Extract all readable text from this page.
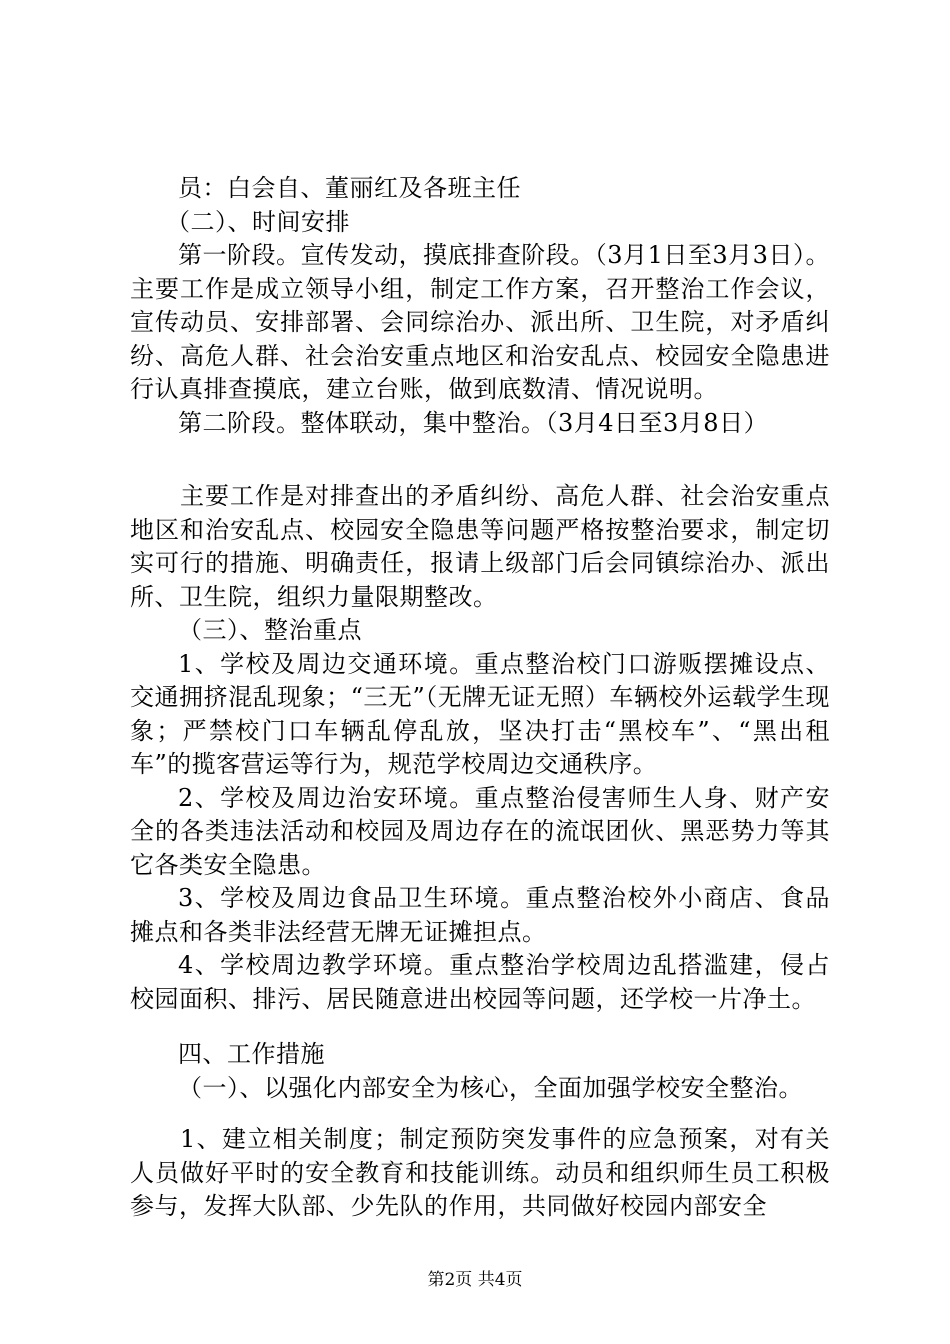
员：白会自、董丽红及各班主任

（二）、时间安排

第一阶段。宣传发动，摸底排查阶段。（3月1日至3月3日）。主要工作是成立领导小组，制定工作方案，召开整治工作会议，宣传动员、安排部署、会同综治办、派出所、卫生院，对矛盾纠纷、高危人群、社会治安重点地区和治安乱点、校园安全隐患进行认真排查摸底，建立台账，做到底数清、情况说明。

第二阶段。整体联动，集中整治。（3月4日至3月8日）

主要工作是对排查出的矛盾纠纷、高危人群、社会治安重点地区和治安乱点、校园安全隐患等问题严格按整治要求，制定切实可行的措施、明确责任，报请上级部门后会同镇综治办、派出所、卫生院，组织力量限期整改。

（三）、整治重点

1、学校及周边交通环境。重点整治校门口游贩摆摊设点、交通拥挤混乱现象；“三无”（无牌无证无照）车辆校外运载学生现象；严禁校门口车辆乱停乱放，坚决打击“黑校车”、“黑出租车”的揽客营运等行为，规范学校周边交通秩序。

2、学校及周边治安环境。重点整治侵害师生人身、财产安全的各类违法活动和校园及周边存在的流氓团伙、黑恶势力等其它各类安全隐患。

3、学校及周边食品卫生环境。重点整治校外小商店、食品摊点和各类非法经营无牌无证摊担点。

4、学校周边教学环境。重点整治学校周边乱搭滥建，侵占校园面积、排污、居民随意进出校园等问题，还学校一片净土。

四、工作措施

（一）、以强化内部安全为核心，全面加强学校安全整治。

1、建立相关制度；制定预防突发事件的应急预案，对有关人员做好平时的安全教育和技能训练。动员和组织师生员工积极参与，发挥大队部、少先队的作用，共同做好校园内部安全

第2页 共4页
